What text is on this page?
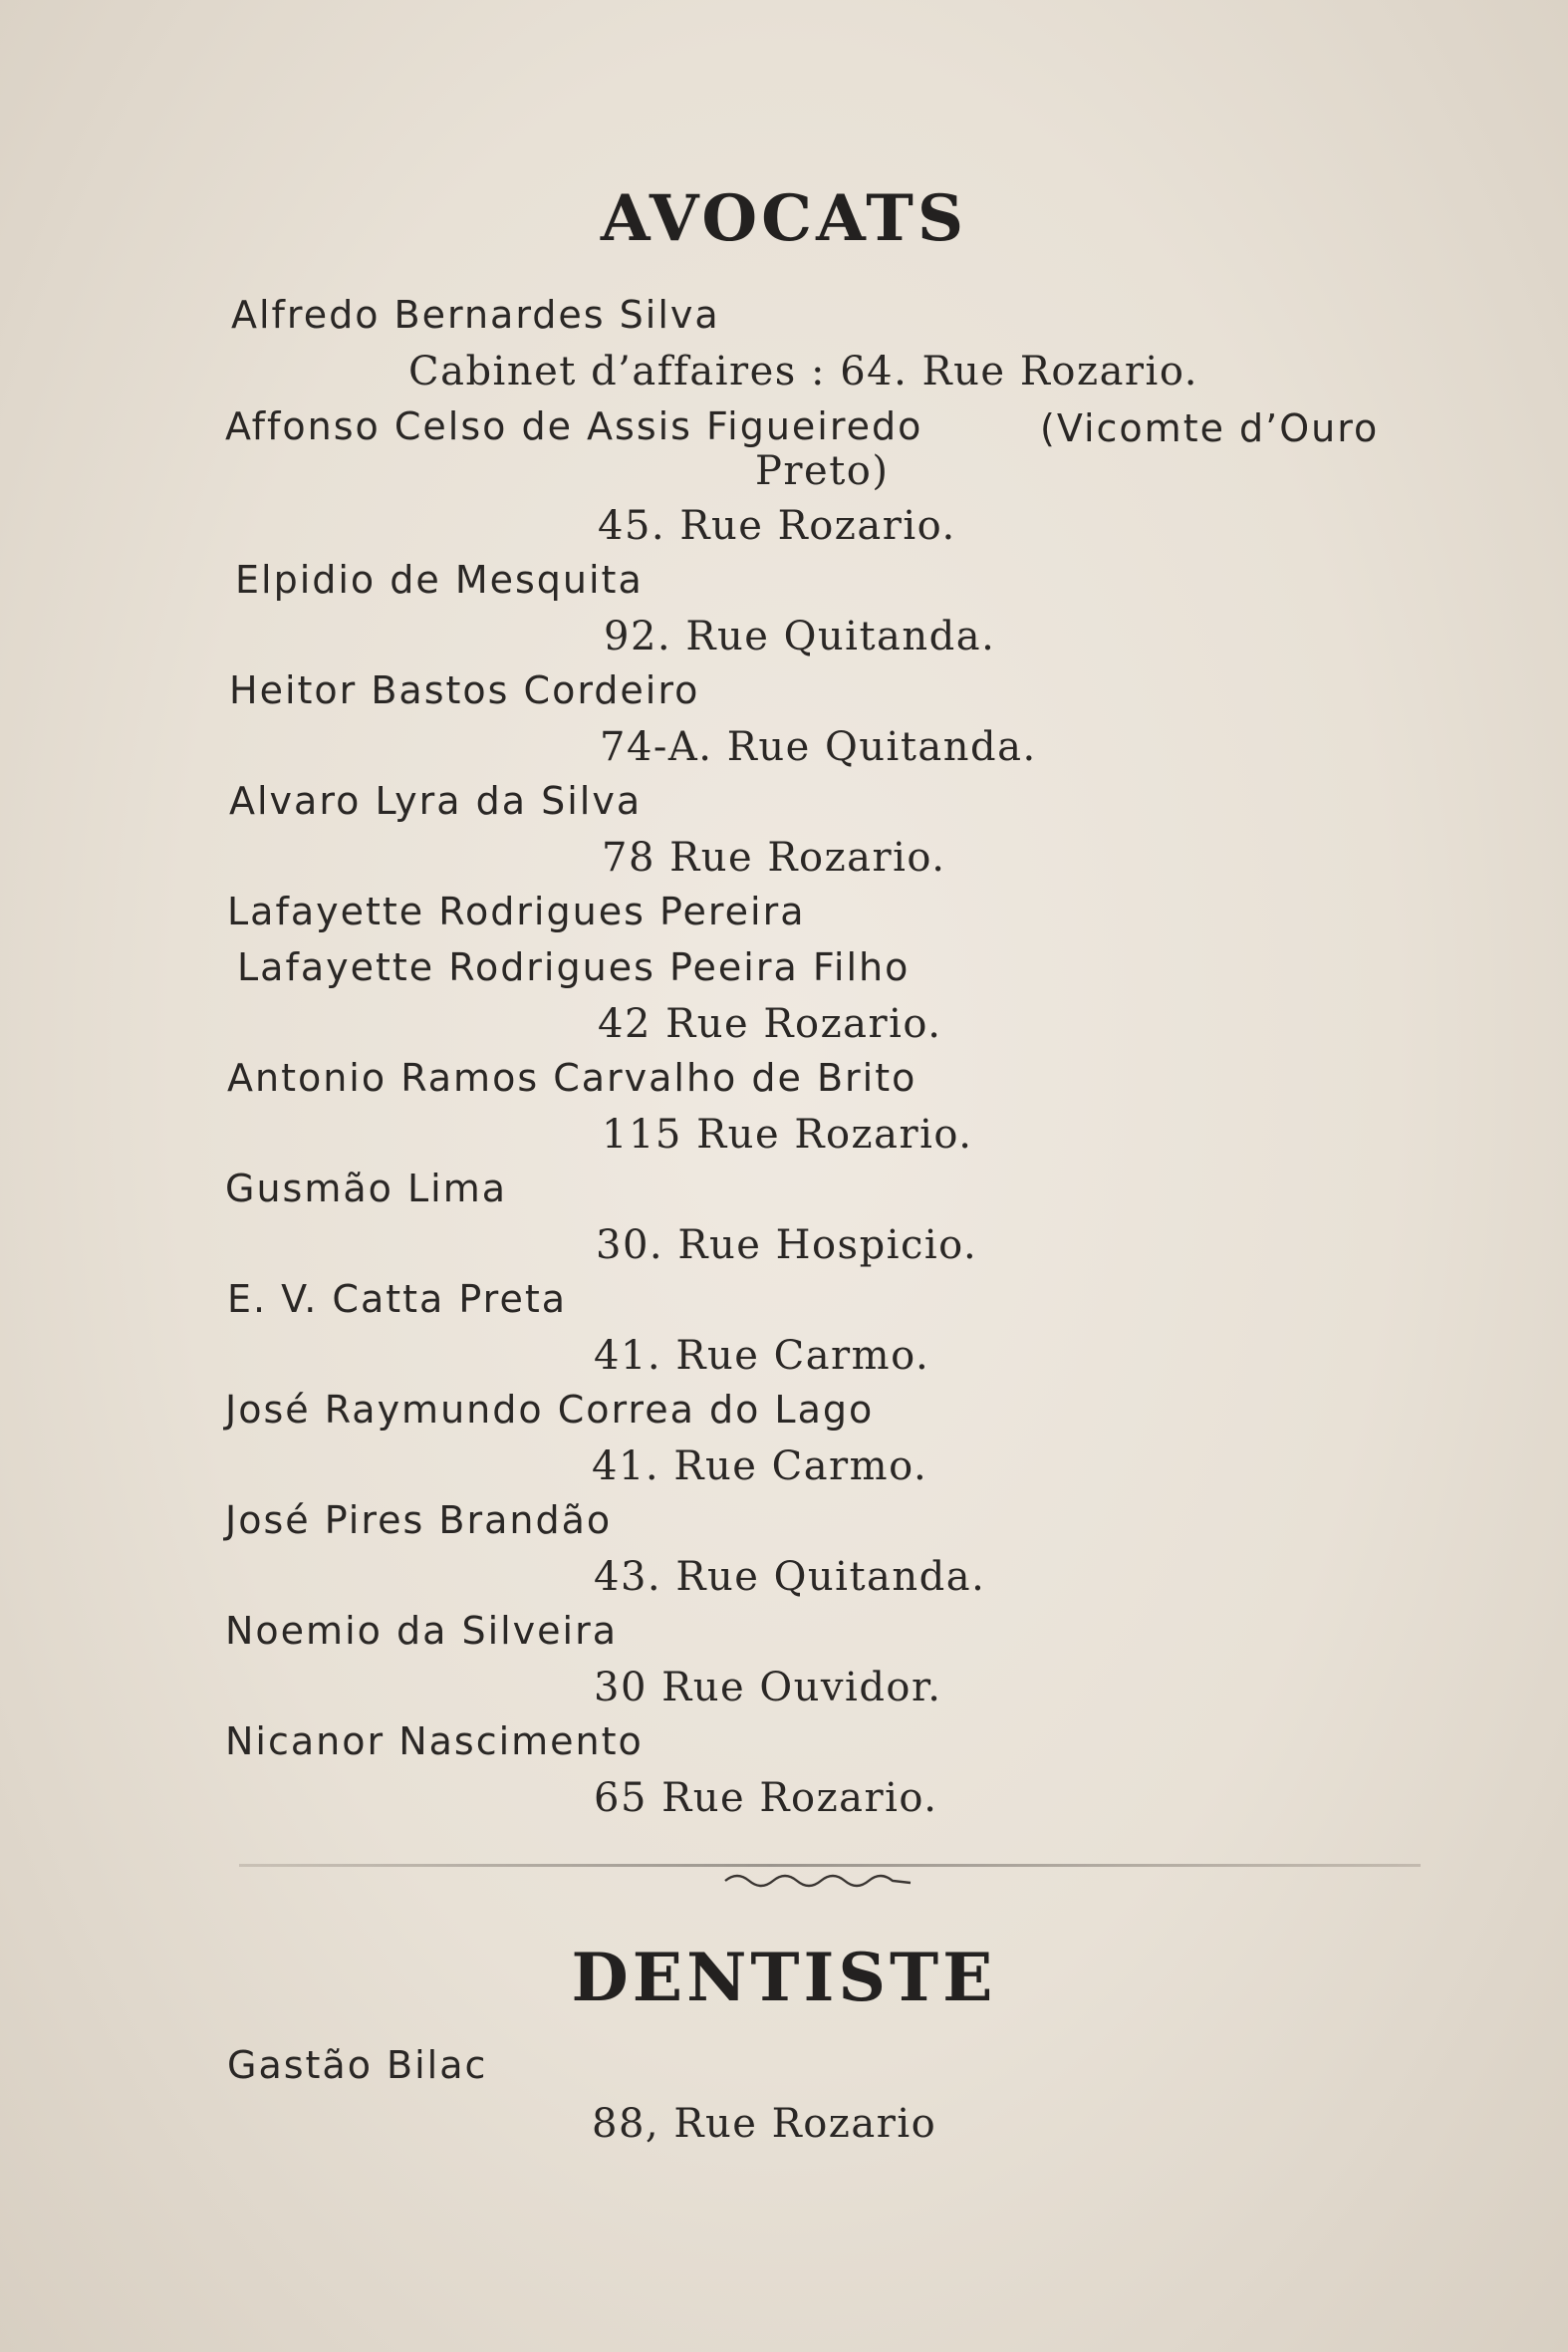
AVOCATS
Alfredo Bernardes Silva
Cabinet d’affaires : 64. Rue Rozario.
Affonso Celso de Assis Figueiredo	(Vicomte d’Ouro
Preto)
45. Rue Rozario.
Elpidio de Mesquita
92. Rue Quitanda.
Heitor Bastos Cordeiro
74-A. Rue Quitanda.
Alvaro Lyra da Silva
78 Rue Rozario.
Lafayette Rodrigues Pereira
Lafayette Rodrigues Peeira Filho
42 Rue Rozario.
Antonio Ramos Carvalho de Brito
115 Rue Rozario.
Gusmão Lima
30. Rue Hospicio.
E. V. Catta Preta
41. Rue Carmo.
José Raymundo Correa do Lago
41. Rue Carmo.
José Pires Brandão
43. Rue Quitanda.
Noemio da Silveira
30 Rue Ouvidor.
Nicanor Nascimento
65 Rue Rozario.
DENTISTE
Gastão Bilac
88, Rue Rozario
